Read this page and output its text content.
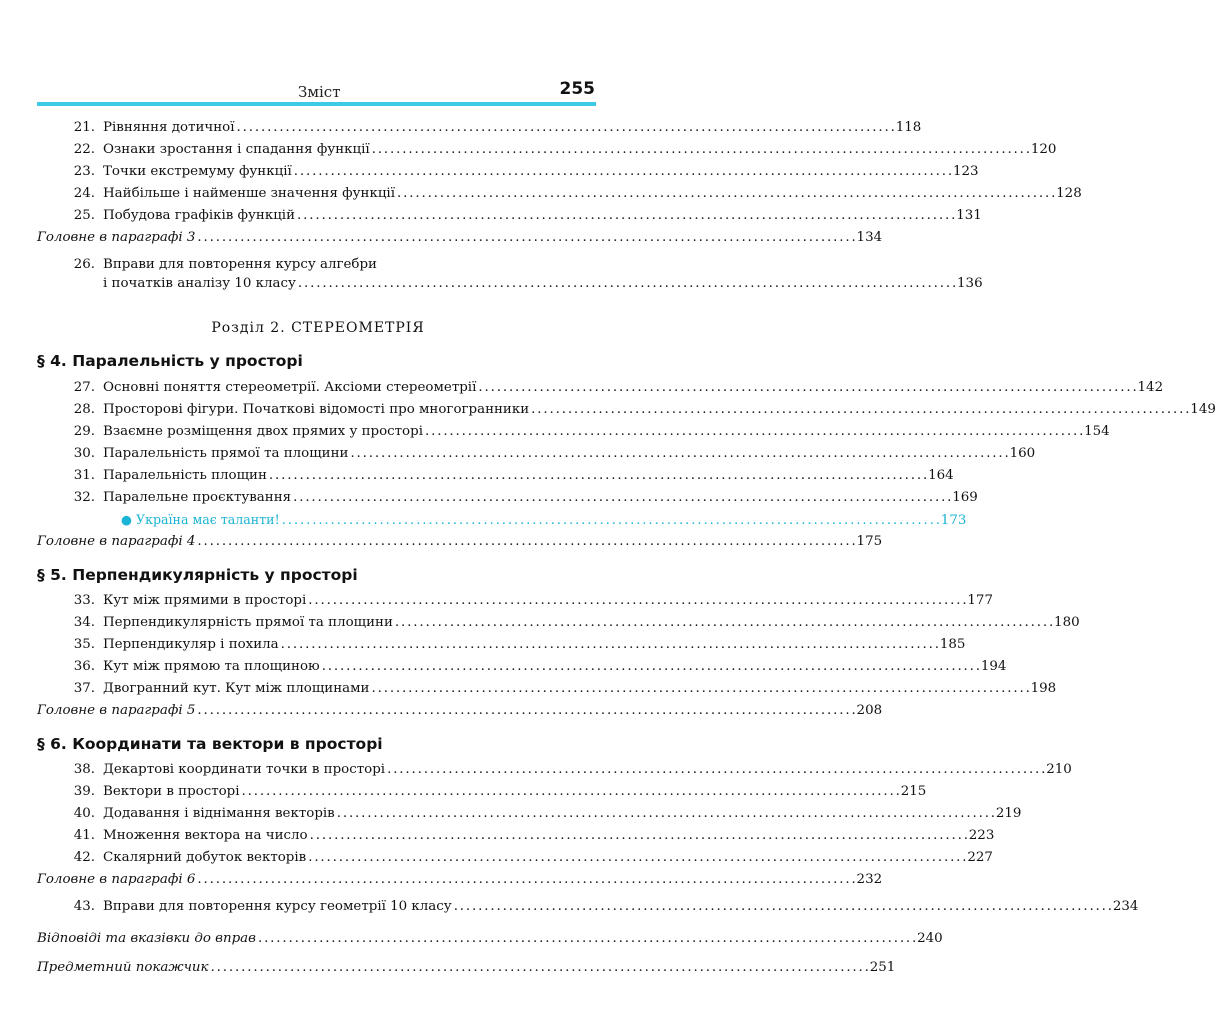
Зміст	255
21. Рівняння дотичної . . .	118
22. Ознаки зростання і спадання функції . . .	120
23. Точки екстремуму функції . . .	123
24. Найбільше і найменше значення функції . . .	128
25. Побудова графіків функцій . . .	131
Головне в параграфі 3 . . .	134
26. Вправи для повторення курсу алгебри
і початків аналізу 10 класу . . .	136
Розділ 2. СТЕРЕОМЕТРІЯ
§ 4. Паралельність у просторі
27. Основні поняття стереометрії. Аксіоми стереометрії . . .	142
28. Просторові фігури. Початкові відомості про многогранники . . .	149
29. Взаємне розміщення двох прямих у просторі . . .	154
30. Паралельність прямої та площини . . .	160
31. Паралельність площин . . .	164
32. Паралельне проєктування . . .	169
● Україна має таланти! . . .	173
Головне в параграфі 4 . . .	175
§ 5. Перпендикулярність у просторі
33. Кут між прямими в просторі . . .	177
34. Перпендикулярність прямої та площини . . .	180
35. Перпендикуляр і похила . . .	185
36. Кут між прямою та площиною . . .	194
37. Двогранний кут. Кут між площинами . . .	198
Головне в параграфі 5 . . .	208
§ 6. Координати та вектори в просторі
38. Декартові координати точки в просторі . . .	210
39. Вектори в просторі . . .	215
40. Додавання і віднімання векторів . . .	219
41. Множення вектора на число . . .	223
42. Скалярний добуток векторів . . .	227
Головне в параграфі 6 . . .	232
43. Вправи для повторення курсу геометрії 10 класу . . .	234
Відповіді та вказівки до вправ . . .	240
Предметний покажчик . . .	251
